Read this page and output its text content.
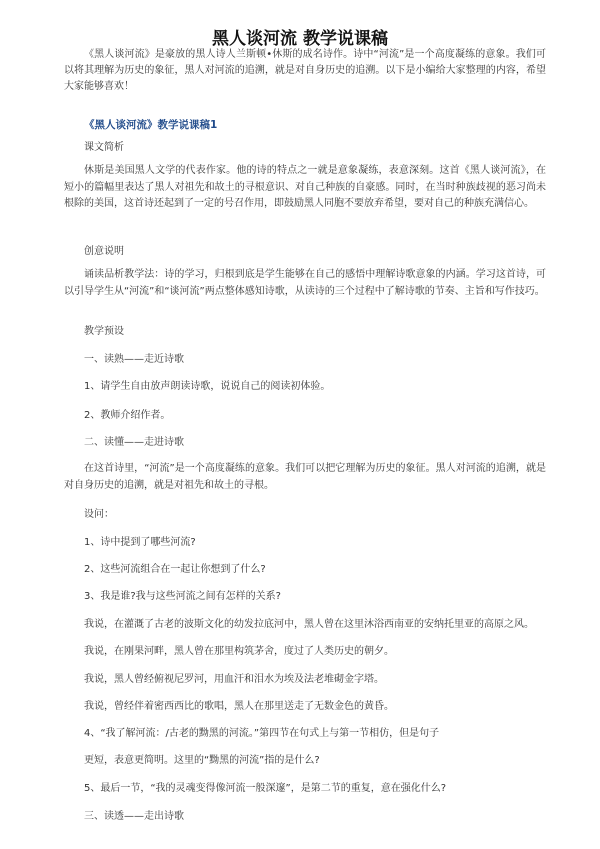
黑人谈河流 教学说课稿
《黑人谈河流》是豪放的黑人诗人兰斯顿•休斯的成名诗作。诗中“河流”是一个高度凝练的意象。我们可以将其理解为历史的象征，黑人对河流的追溯，就是对自身历史的追溯。以下是小编给大家整理的内容，希望大家能够喜欢！
《黑人谈河流》教学说课稿1
课文简析
休斯是美国黑人文学的代表作家。他的诗的特点之一就是意象凝练，表意深刻。这首《黑人谈河流》，在短小的篇幅里表达了黑人对祖先和故土的寻根意识、对自己种族的自豪感。同时，在当时种族歧视的恶习尚未根除的美国，这首诗还起到了一定的号召作用，即鼓励黑人同胞不要放弃希望，要对自己的种族充满信心。
创意说明
诵读品析教学法：诗的学习，归根到底是学生能够在自己的感悟中理解诗歌意象的内涵。学习这首诗，可以引导学生从“河流”和“谈河流”两点整体感知诗歌，从读诗的三个过程中了解诗歌的节奏、主旨和写作技巧。
教学预设
一、读熟——走近诗歌
1、请学生自由放声朗读诗歌，说说自己的阅读初体验。
2、教师介绍作者。
二、读懂——走进诗歌
在这首诗里，“河流”是一个高度凝练的意象。我们可以把它理解为历史的象征。黑人对河流的追溯，就是对自身历史的追溯，就是对祖先和故土的寻根。
设问：
1、诗中提到了哪些河流?
2、这些河流组合在一起让你想到了什么?
3、我是谁?我与这些河流之间有怎样的关系?
我说，在灌溉了古老的波斯文化的幼发拉底河中，黑人曾在这里沐浴西南亚的安纳托里亚的高原之风。
我说，在刚果河畔，黑人曾在那里构筑茅舍，度过了人类历史的朝夕。
我说，黑人曾经俯视尼罗河，用血汗和泪水为埃及法老堆砌金字塔。
我说，曾经伴着密西西比的歌唱，黑人在那里送走了无数金色的黄昏。
4、“我了解河流：/古老的黝黑的河流。”第四节在句式上与第一节相仿，但是句子
更短，表意更简明。这里的“黝黑的河流”指的是什么?
5、最后一节，“我的灵魂变得像河流一般深邃”，是第二节的重复，意在强化什么?
三、读透——走出诗歌
